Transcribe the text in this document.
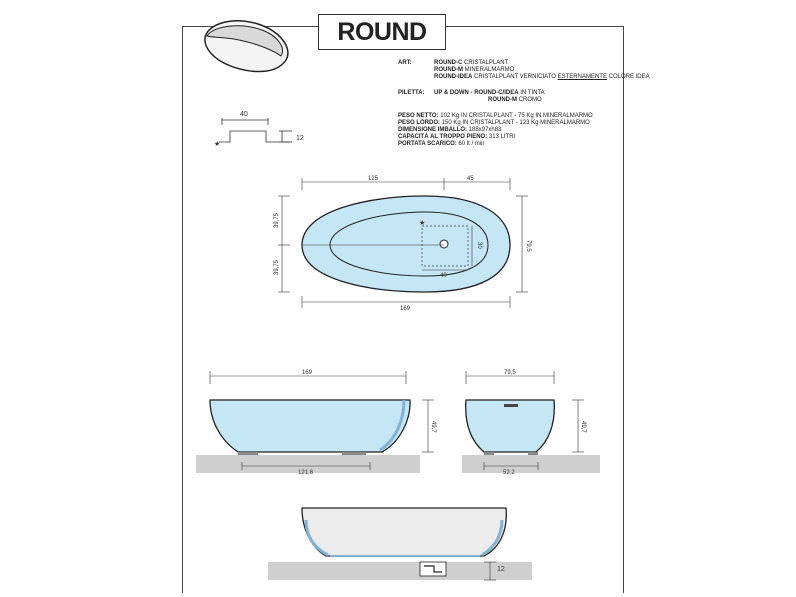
ROUND
ART:	ROUND-C CRISTALPLANT
ROUND-M MINERALMARMO
ROUND-IDEA CRISTALPLANT VERNICIATO ESTERNAMENTE COLORE IDEA
PILETTA:	UP & DOWN - ROUND-C/IDEA IN TINTA
ROUND-M CROMO
PESO NETTO: 102 Kg IN CRISTALPLANT - 75 Kg IN MINERALMARMO
PESO LORDO: 150 Kg IN CRISTALPLANT - 123 Kg MINERALMARMO
DIMENSIONE IMBALLO: 188x97xh83
CAPACITÀ AL TROPPO PIENO: 313 LITRI
PORTATA SCARICO: 60 lt / min
40
12
★
125	45
39,75
39,75
79,5
30
40
169
★
169
49,7
121,8
79,5
49,7
52,2
12
